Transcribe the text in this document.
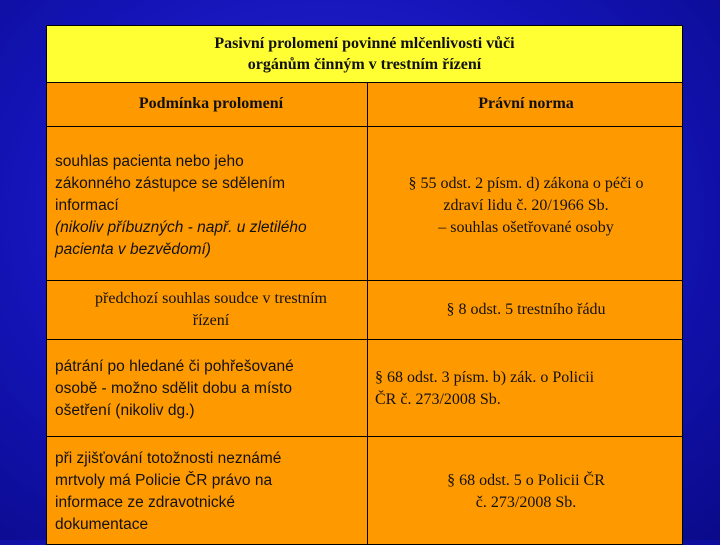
Pasivní prolomení povinné mlčenlivosti vůči
orgánům činným v trestním řízení
Podmínka prolomení	Právní norma
souhlas pacienta nebo jeho
zákonného zástupce se sdělením
informací
(nikoliv příbuzných - např. u zletilého
pacienta v bezvědomí)
§ 55 odst. 2 písm. d) zákona o péči o
zdraví lidu č. 20/1966 Sb.
– souhlas ošetřované osoby
předchozí souhlas soudce v trestním
řízení
§ 8 odst. 5 trestního řádu
pátrání po hledané či pohřešované
osobě - možno sdělit dobu a místo
ošetření (nikoliv dg.)
§ 68 odst. 3 písm. b) zák. o Policii
ČR č. 273/2008 Sb.
při zjišťování totožnosti neznámé
mrtvoly má Policie ČR právo na
informace ze zdravotnické
dokumentace
§ 68 odst. 5 o Policii ČR
č. 273/2008 Sb.
